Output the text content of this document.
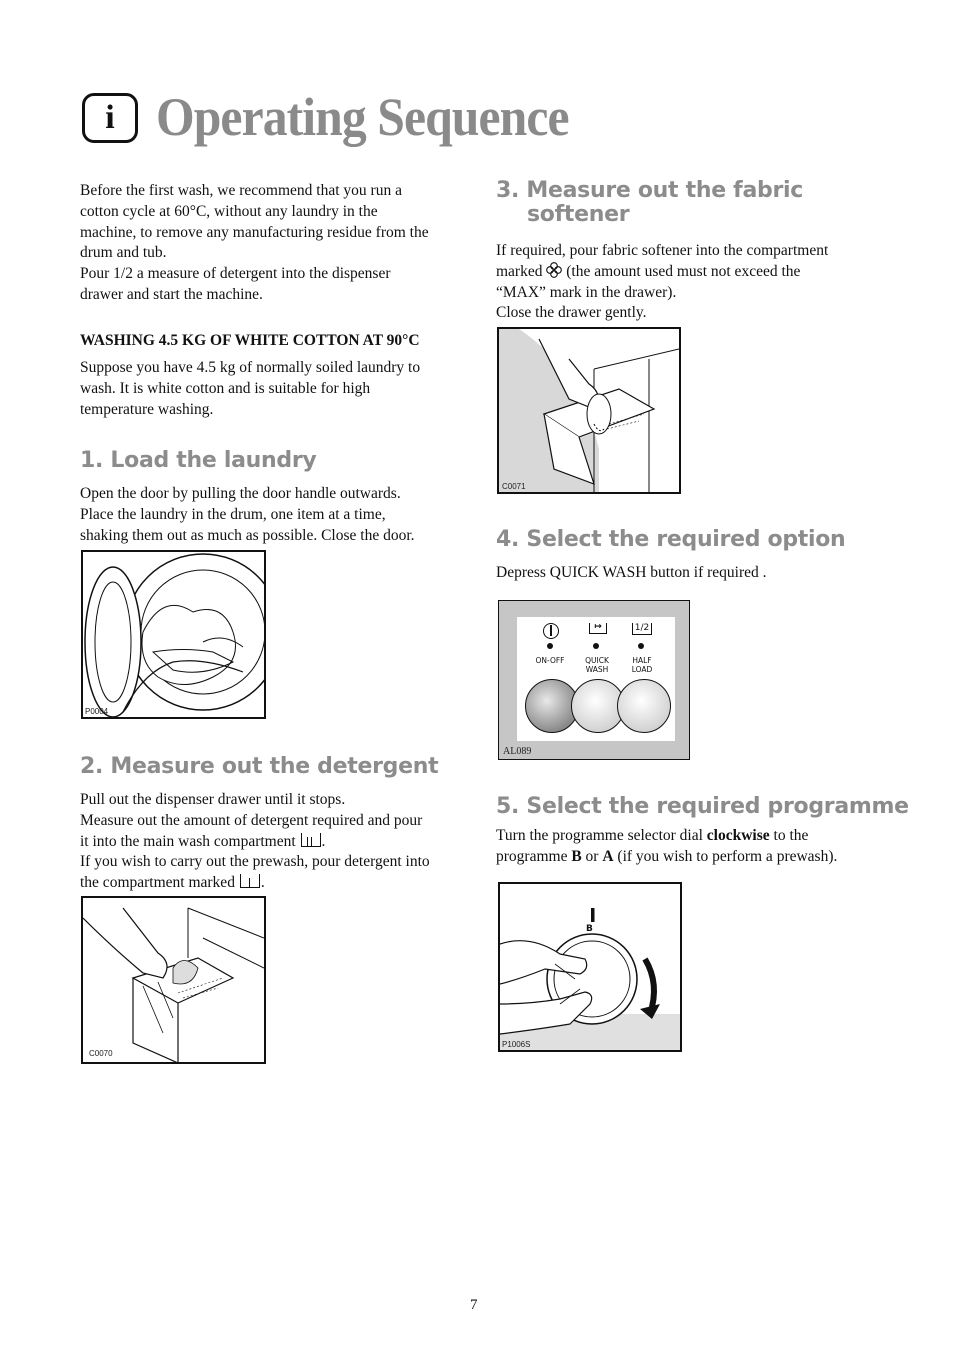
i Operating Sequence
Before the first wash, we recommend that you run a
cotton cycle at 60°C, without any laundry in the
machine, to remove any manufacturing residue from the
drum and tub.
Pour 1/2 a measure of detergent into the dispenser
drawer and start the machine.
WASHING 4.5 KG OF WHITE COTTON AT 90°C
Suppose you have 4.5 kg of normally soiled laundry to
wash. It is white cotton and is suitable for high
temperature washing.
1. Load the laundry
Open the door by pulling the door handle outwards.
Place the laundry in the drum, one item at a time,
shaking them out as much as possible. Close the door.
P0004
2. Measure out the detergent
Pull out the dispenser drawer until it stops.
Measure out the amount of detergent required and pour
it into the main wash compartment .
If you wish to carry out the prewash, pour detergent into
the compartment marked .
C0070
3. Measure out the fabric
softener
If required, pour fabric softener into the compartment
marked (the amount used must not exceed the
“MAX” mark in the drawer).
Close the drawer gently.
C0071
4. Select the required option
Depress QUICK WASH button if required .
↦	1/2
ON-OFF	QUICK
WASH
HALF
LOAD
AL089
5. Select the required programme
Turn the programme selector dial clockwise to the
programme B or A (if you wish to perform a prewash).
B
P1006S
7
